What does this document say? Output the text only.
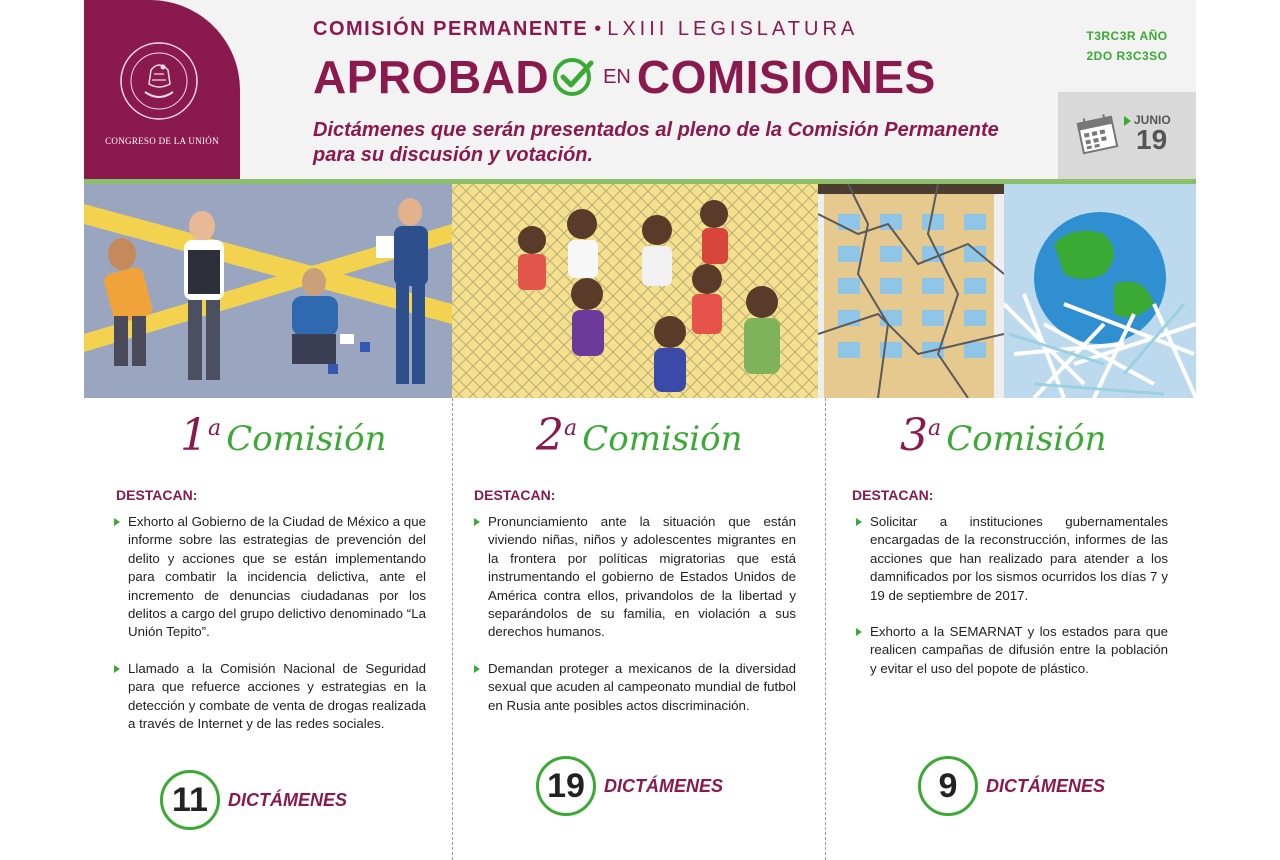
CONGRESO DE LA UNIÓN
COMISIÓN PERMANENTE • LXIII LEGISLATURA
APROBAD	EN COMISIONES
Dictámenes que serán presentados al pleno de la Comisión Permanente para su discusión y votación.
T3RC3R AÑO
2DO R3C3SO
JUNIO
19
1a Comisión
DESTACAN:
Exhorto al Gobierno de la Ciudad de México a que informe sobre las estrategias de prevención del delito y acciones que se están implementando para combatir la incidencia delictiva, ante el incremento de denuncias ciudadanas por los delitos a cargo del grupo delictivo denominado “La Unión Tepito”.
Llamado a la Comisión Nacional de Seguridad para que refuerce acciones y estrategias en la detección y combate de venta de drogas realizada a través de Internet y de las redes sociales.
11 DICTÁMENES
2a Comisión
DESTACAN:
Pronunciamiento ante la situación que están viviendo niñas, niños y adolescentes migrantes en la frontera por políticas migratorias que está instrumentando el gobierno de Estados Unidos de América contra ellos, privandolos de la libertad y separándolos de su familia, en violación a sus derechos humanos.
Demandan proteger a mexicanos de la diversidad sexual que acuden al campeonato mundial de futbol en Rusia ante posibles actos discriminación.
19 DICTÁMENES
3a Comisión
DESTACAN:
Solicitar a instituciones gubernamentales encargadas de la reconstrucción, informes de las acciones que han realizado para atender a los damnificados por los sismos ocurridos los días 7 y 19 de septiembre de 2017.
Exhorto a la SEMARNAT y los estados para que realicen campañas de difusión entre la población y evitar el uso del popote de plástico.
9 DICTÁMENES
